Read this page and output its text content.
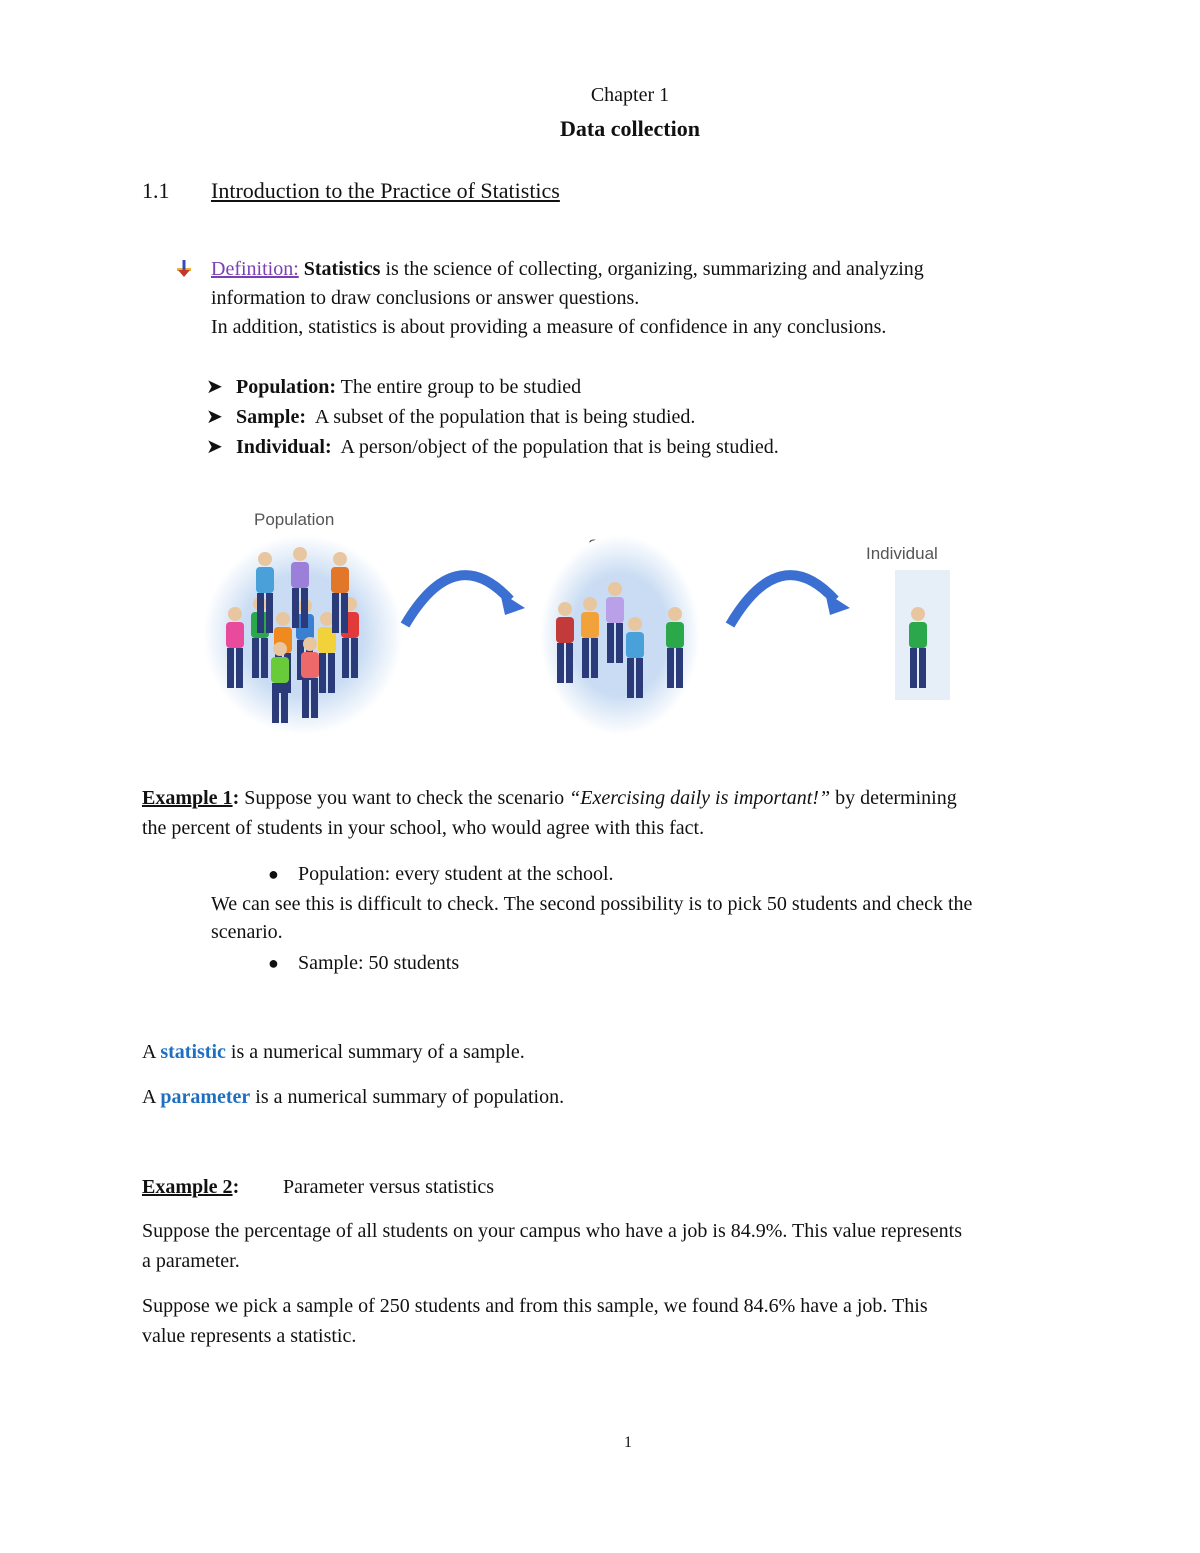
Chapter 1
Data collection
1.1 Introduction to the Practice of Statistics
Definition: Statistics is the science of collecting, organizing, summarizing and analyzing
information to draw conclusions or answer questions.
In addition, statistics is about providing a measure of confidence in any conclusions.
➤ Population: The entire group to be studied
➤ Sample:  A subset of the population that is being studied.
➤ Individual:  A person/object of the population that is being studied.
Population
Individual
Example 1: Suppose you want to check the scenario “Exercising daily is important!” by determining
the percent of students in your school, who would agree with this fact.
● Population: every student at the school.
We can see this is difficult to check. The second possibility is to pick 50 students and check the
scenario.
● Sample: 50 students
A statistic is a numerical summary of a sample.
A parameter is a numerical summary of population.
Example 2: Parameter versus statistics
Suppose the percentage of all students on your campus who have a job is 84.9%. This value represents
a parameter.
Suppose we pick a sample of 250 students and from this sample, we found 84.6% have a job. This
value represents a statistic.
1
